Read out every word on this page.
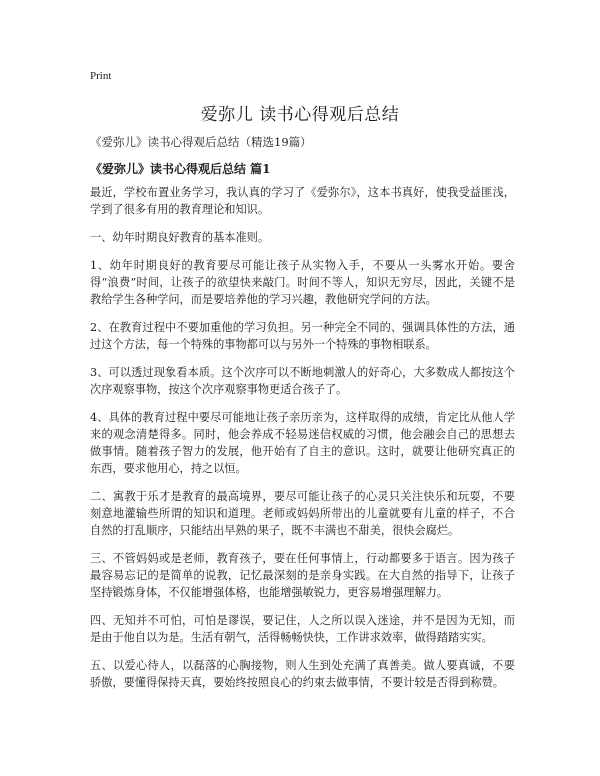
Print
爱弥儿 读书心得观后总结
《爱弥儿》读书心得观后总结（精选19篇）
《爱弥儿》读书心得观后总结 篇1

最近，学校布置业务学习，我认真的学习了《爱弥尔》，这本书真好，使我受益匪浅，学到了很多有用的教育理论和知识。

一、幼年时期良好教育的基本准则。

1、幼年时期良好的教育要尽可能让孩子从实物入手，不要从一头雾水开始。要舍得“浪费”时间，让孩子的欲望快来敲门。时间不等人，知识无穷尽，因此，关键不是教给学生各种学问，而是要培养他的学习兴趣，教他研究学问的方法。

2、在教育过程中不要加重他的学习负担。另一种完全不同的、强调具体性的方法，通过这个方法，每一个特殊的事物都可以与另外一个特殊的事物相联系。

3、可以透过现象看本质。这个次序可以不断地刺激人的好奇心，大多数成人都按这个次序观察事物，按这个次序观察事物更适合孩子了。

4、具体的教育过程中要尽可能地让孩子亲历亲为，这样取得的成绩，肯定比从他人学来的观念清楚得多。同时，他会养成不轻易迷信权威的习惯，他会融会自己的思想去做事情。随着孩子智力的发展，他开始有了自主的意识。这时，就要让他研究真正的东西，要求他用心，持之以恒。

二、寓教于乐才是教育的最高境界，要尽可能让孩子的心灵只关注快乐和玩耍，不要刻意地灌输些所谓的知识和道理。老师或妈妈所带出的儿童就要有儿童的样子，不合自然的打乱顺序，只能结出早熟的果子，既不丰满也不甜美，很快会腐烂。

三、不管妈妈或是老师，教育孩子，要在任何事情上，行动都要多于语言。因为孩子最容易忘记的是简单的说教，记忆最深刻的是亲身实践。在大自然的指导下，让孩子坚持锻炼身体，不仅能增强体格，也能增强敏锐力，更容易增强理解力。

四、无知并不可怕，可怕是谬误，要记住，人之所以误入迷途，并不是因为无知，而是由于他自以为是。生活有朝气，活得畅畅快快，工作讲求效率，做得踏踏实实。

五、以爱心待人，以磊落的心胸接物，则人生到处充满了真善美。做人要真诚，不要骄傲，要懂得保持天真，要始终按照良心的约束去做事情，不要计较是否得到称赞。
